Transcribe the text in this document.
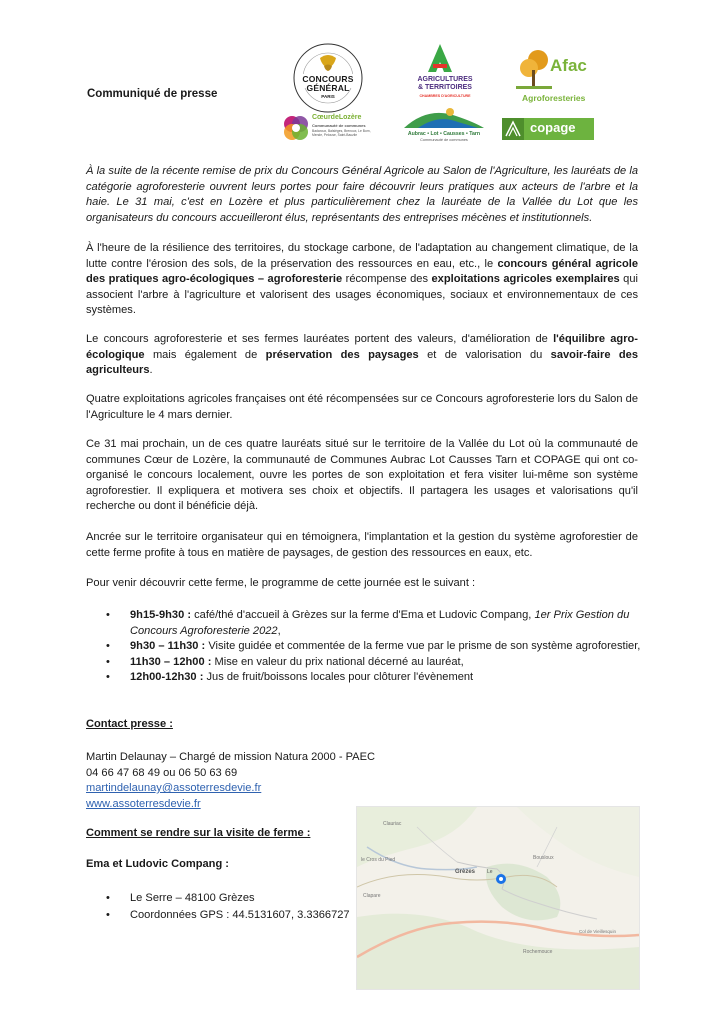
Communiqué de presse
CONCOURS
GÉNÉRAL
PARIS
AGRICULTURES
& TERRITOIRES
CHAMBRES D'AGRICULTURE
Afac
Agroforesteries
CœurdeLozère
Communauté de communes
Badaroux, Balsièges, Brenoux, Le Born,
Mende, Pelouse, Saint-Bauzile	Aubrac • Lot • Causses • Tarn
Communauté de communes
copage

À la suite de la récente remise de prix du Concours Général Agricole au Salon de l'Agriculture, les lauréats de la catégorie agroforesterie ouvrent leurs portes pour faire découvrir leurs pratiques aux acteurs de l'arbre et la haie. Le 31 mai, c'est en Lozère et plus particulièrement chez la lauréate de la Vallée du Lot que les organisateurs du concours accueilleront élus, représentants des entreprises mécènes et institutionnels.

À l'heure de la résilience des territoires, du stockage carbone, de l'adaptation au changement climatique, de la lutte contre l'érosion des sols, de la préservation des ressources en eau, etc., le concours général agricole des pratiques agro-écologiques – agroforesterie récompense des exploitations agricoles exemplaires qui associent l'arbre à l'agriculture et valorisent des usages économiques, sociaux et environnementaux de ces systèmes.

Le concours agroforesterie et ses fermes lauréates portent des valeurs, d'amélioration de l'équilibre agro-écologique mais également de préservation des paysages et de valorisation du savoir-faire des agriculteurs.

Quatre exploitations agricoles françaises ont été récompensées sur ce Concours agroforesterie lors du Salon de l'Agriculture le 4 mars dernier.

Ce 31 mai prochain, un de ces quatre lauréats situé sur le territoire de la Vallée du Lot où la communauté de communes Cœur de Lozère, la communauté de Communes Aubrac Lot Causses Tarn et COPAGE qui ont co-organisé le concours localement, ouvre les portes de son exploitation et fera visiter lui-même son système agroforestier. Il expliquera et motivera ses choix et objectifs. Il partagera les usages et valorisations qu'il recherche ou dont il bénéficie déjà.

Ancrée sur le territoire organisateur qui en témoignera, l'implantation et la gestion du système agroforestier de cette ferme profite à tous en matière de paysages, de gestion des ressources en eaux, etc.

Pour venir découvrir cette ferme, le programme de cette journée est le suivant :

• 9h15-9h30 : café/thé d'accueil à Grèzes sur la ferme d'Ema et Ludovic Compang, 1er Prix Gestion du Concours Agroforesterie 2022,
• 9h30 – 11h30 : Visite guidée et commentée de la ferme vue par le prisme de son système agroforestier,
• 11h30 – 12h00 : Mise en valeur du prix national décerné au lauréat,
• 12h00-12h30 : Jus de fruit/boissons locales pour clôturer l'évènement
Contact presse :
Martin Delaunay – Chargé de mission Natura 2000 - PAEC
04 66 47 68 49 ou 06 50 63 69
martindelaunay@assoterresdevie.fr
www.assoterresdevie.fr
Comment se rendre sur la visite de ferme :
Ema et Ludovic Compang :
• Le Serre – 48100 Grèzes
• Coordonnées GPS : 44.5131607, 3.3366727
Clauriac
le Cros du Pied
Grèzes Le
Bousloux
Clapare
Col de Vieillesquin
Rochemouce
